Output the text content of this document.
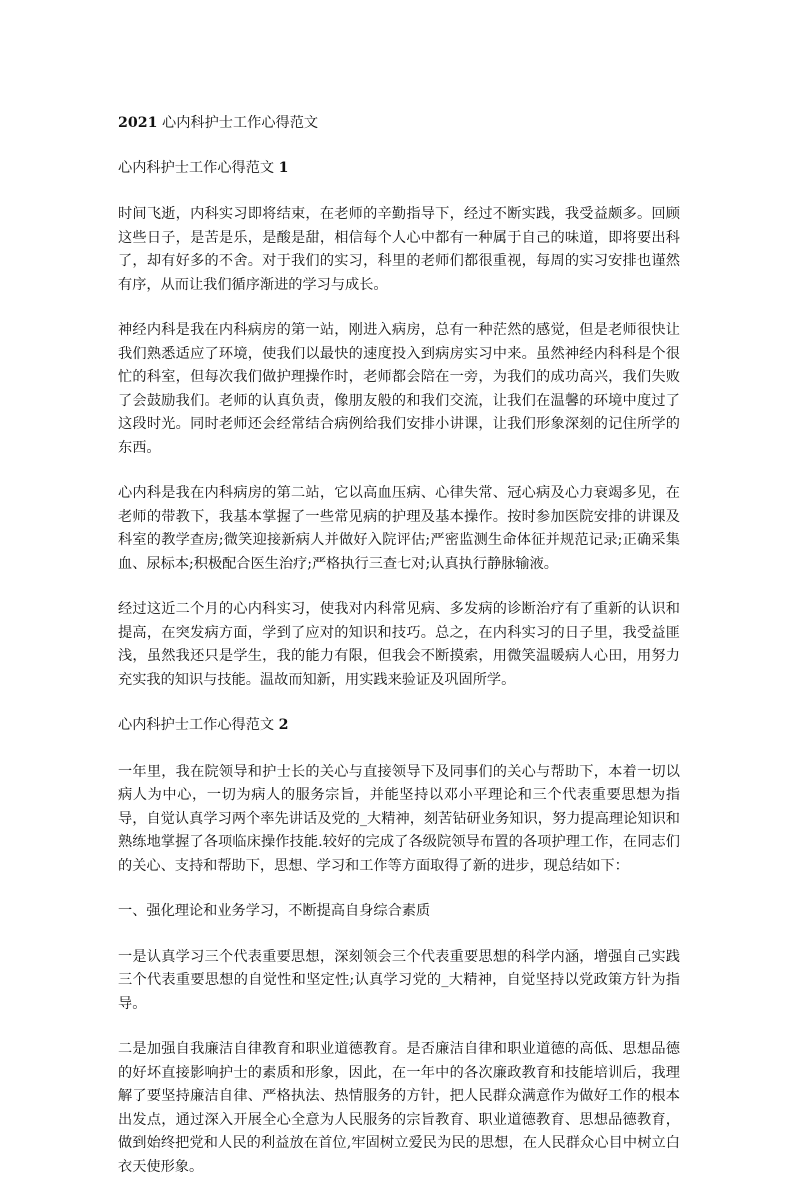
2021 心内科护士工作心得范文

心内科护士工作心得范文 1

时间飞逝，内科实习即将结束，在老师的辛勤指导下，经过不断实践，我受益颇多。回顾这些日子，是苦是乐，是酸是甜，相信每个人心中都有一种属于自己的味道，即将要出科了，却有好多的不舍。对于我们的实习，科里的老师们都很重视，每周的实习安排也谨然有序，从而让我们循序渐进的学习与成长。

神经内科是我在内科病房的第一站，刚进入病房，总有一种茫然的感觉，但是老师很快让我们熟悉适应了环境，使我们以最快的速度投入到病房实习中来。虽然神经内科科是个很忙的科室，但每次我们做护理操作时，老师都会陪在一旁，为我们的成功高兴，我们失败了会鼓励我们。老师的认真负责，像朋友般的和我们交流，让我们在温馨的环境中度过了这段时光。同时老师还会经常结合病例给我们安排小讲课，让我们形象深刻的记住所学的东西。

心内科是我在内科病房的第二站，它以高血压病、心律失常、冠心病及心力衰竭多见，在老师的带教下，我基本掌握了一些常见病的护理及基本操作。按时参加医院安排的讲课及科室的教学查房;微笑迎接新病人并做好入院评估;严密监测生命体征并规范记录;正确采集血、尿标本;积极配合医生治疗;严格执行三查七对;认真执行静脉输液。

经过这近二个月的心内科实习，使我对内科常见病、多发病的诊断治疗有了重新的认识和提高，在突发病方面，学到了应对的知识和技巧。总之，在内科实习的日子里，我受益匪浅，虽然我还只是学生，我的能力有限，但我会不断摸索，用微笑温暖病人心田，用努力充实我的知识与技能。温故而知新，用实践来验证及巩固所学。

心内科护士工作心得范文 2

一年里，我在院领导和护士长的关心与直接领导下及同事们的关心与帮助下，本着一切以病人为中心，一切为病人的服务宗旨，并能坚持以邓小平理论和三个代表重要思想为指导，自觉认真学习两个率先讲话及党的_大精神，刻苦钻研业务知识，努力提高理论知识和熟练地掌握了各项临床操作技能.较好的完成了各级院领导布置的各项护理工作，在同志们的关心、支持和帮助下，思想、学习和工作等方面取得了新的进步，现总结如下：

一、强化理论和业务学习，不断提高自身综合素质

一是认真学习三个代表重要思想，深刻领会三个代表重要思想的科学内涵，增强自己实践三个代表重要思想的自觉性和坚定性;认真学习党的_大精神，自觉坚持以党政策方针为指导。

二是加强自我廉洁自律教育和职业道德教育。是否廉洁自律和职业道德的高低、思想品德的好坏直接影响护士的素质和形象，因此，在一年中的各次廉政教育和技能培训后，我理解了要坚持廉洁自律、严格执法、热情服务的方针，把人民群众满意作为做好工作的根本出发点，通过深入开展全心全意为人民服务的宗旨教育、职业道德教育、思想品德教育，做到始终把党和人民的利益放在首位,牢固树立爱民为民的思想，在人民群众心目中树立白衣天使形象。
